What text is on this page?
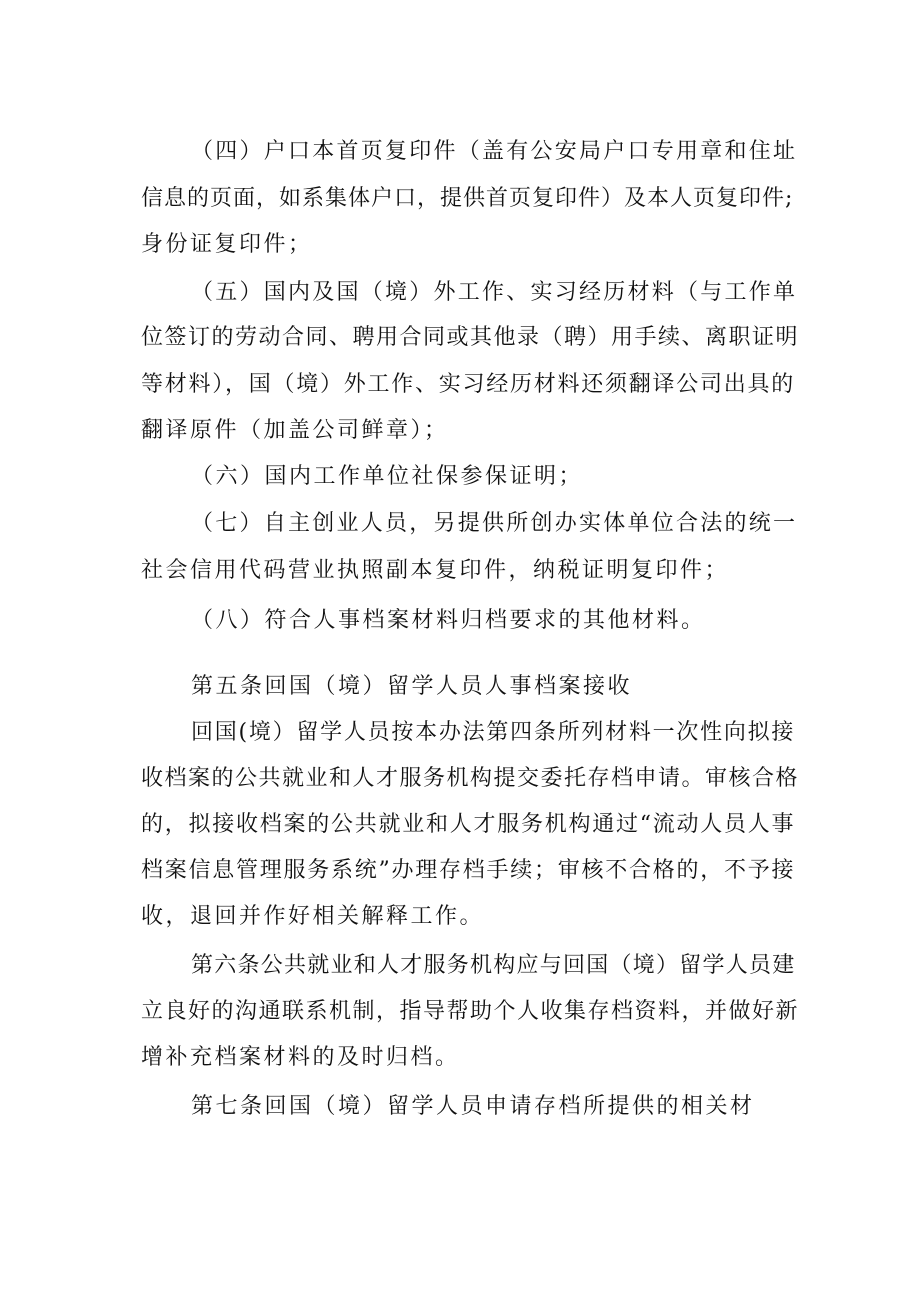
（四）户口本首页复印件（盖有公安局户口专用章和住址

信息的页面，如系集体户口，提供首页复印件）及本人页复印件;

身份证复印件；

（五）国内及国（境）外工作、实习经历材料（与工作单

位签订的劳动合同、聘用合同或其他录（聘）用手续、离职证明

等材料），国（境）外工作、实习经历材料还须翻译公司出具的

翻译原件（加盖公司鲜章）；

（六）国内工作单位社保参保证明；

（七）自主创业人员，另提供所创办实体单位合法的统一

社会信用代码营业执照副本复印件，纳税证明复印件；

（八）符合人事档案材料归档要求的其他材料。

第五条回国（境）留学人员人事档案接收

回国(境）留学人员按本办法第四条所列材料一次性向拟接

收档案的公共就业和人才服务机构提交委托存档申请。审核合格

的，拟接收档案的公共就业和人才服务机构通过“流动人员人事

档案信息管理服务系统”办理存档手续；审核不合格的，不予接

收，退回并作好相关解释工作。

第六条公共就业和人才服务机构应与回国（境）留学人员建

立良好的沟通联系机制，指导帮助个人收集存档资料，并做好新

增补充档案材料的及时归档。

第七条回国（境）留学人员申请存档所提供的相关材
